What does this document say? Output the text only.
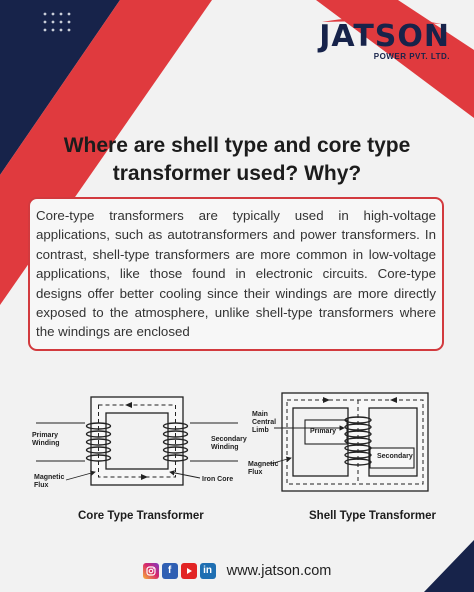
JATSON
POWER PVT. LTD.
Where are shell type and core type transformer used? Why?

Core-type transformers are typically used in high-voltage applications, such as autotransformers and power transformers. In contrast, shell-type transformers are more common in low-voltage applications, like those found in electronic circuits. Core-type designs offer better cooling since their windings are more directly exposed to the atmosphere, unlike shell-type transformers where the windings are enclosed

Primary
Winding
Magnetic
Flux
Secondary
Winding
Iron Core
Main
Central
Limb
Magnetic
Flux
Primary
Secondary

Core Type Transformer	Shell Type Transformer

f	in www.jatson.com
